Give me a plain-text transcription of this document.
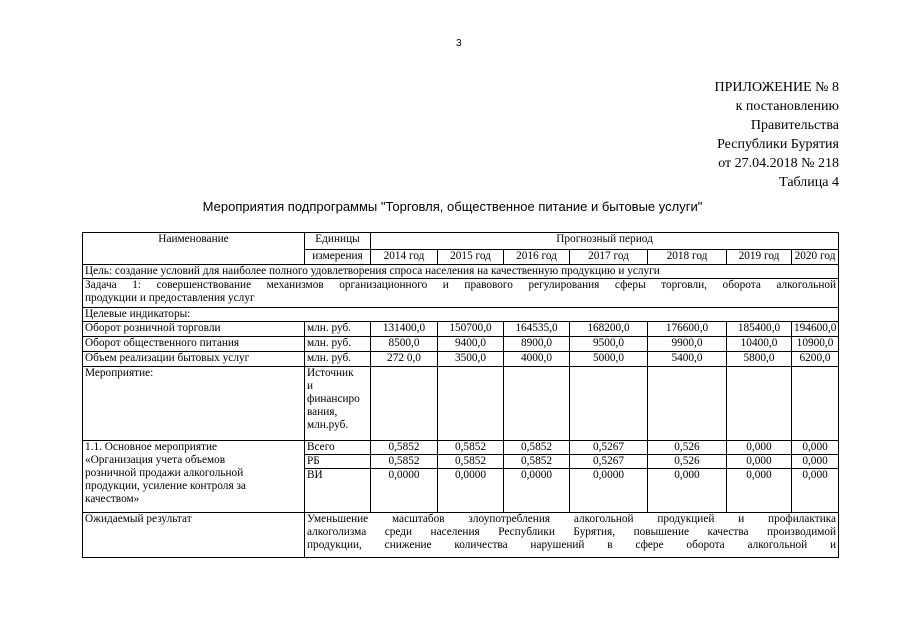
3
ПРИЛОЖЕНИЕ № 8
к постановлению
Правительства
Республики Бурятия
от 27.04.2018 № 218
Таблица 4
Мероприятия подпрограммы "Торговля, общественное питание и бытовые услуги"
Наименование	Единицы	Прогнозный период						
	измерения	2014 год	2015 год	2016 год	2017 год	2018 год	2019 год	2020 год
Цель: создание условий для наиболее полного удовлетворения спроса населения на качественную продукцию и услуги								

Задача 1: совершенствование механизмов организационного и правового регулирования сферы торговли, оборота алкогольной
продукции и предоставления услуг								

Целевые индикаторы:								
Оборот розничной торговли	млн. руб.	131400,0	150700,0	164535,0	168200,0	176600,0	185400,0	194600,0
Оборот общественного питания	млн. руб.	8500,0	9400,0	8900,0	9500,0	9900,0	10400,0	10900,0
Объем реализации бытовых услуг	млн. руб.	272 0,0	3500,0	4000,0	5000,0	5400,0	5800,0	6200,0
Мероприятие:	Источник
и
финансиро
вания,
млн.руб.							

1.1. Основное мероприятие
«Организация учета объемов
розничной продажи алкогольной
продукции, усиление контроля за
качеством»	Всего	0,5852	0,5852	0,5852	0,5267	0,526	0,000	0,000
	РБ	0,5852	0,5852	0,5852	0,5267	0,526	0,000	0,000
	ВИ	0,0000	0,0000	0,0000	0,0000	0,000	0,000	0,000
Ожидаемый результат	Уменьшение масштабов злоупотребления алкогольной продукцией и профилактика
алкоголизма среди населения Республики Бурятия, повышение качества производимой
продукции, снижение количества нарушений в сфере оборота алкогольной и							
